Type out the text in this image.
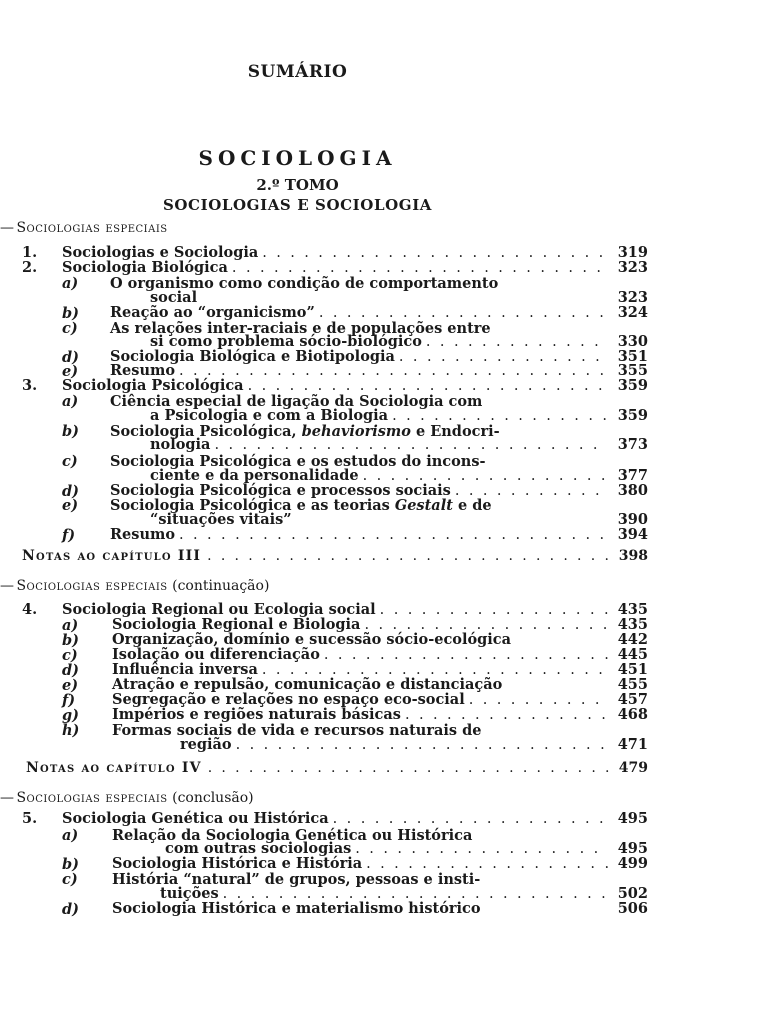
SUMÁRIO
SOCIOLOGIA
2.º TOMO
SOCIOLOGIAS E SOCIOLOGIA
— Sociologias especiais
1.	Sociologias e Sociologia . . .	319
2.	Sociologia Biológica . . .	323
a) O organismo como condição de comportamento
social	323
b) Reação ao “organicismo” . . .	324
c) As relações inter-raciais e de populações entre
si como problema sócio-biológico . . .	330
d) Sociologia Biológica e Biotipologia . . .	351
e) Resumo . . .	355
3.	Sociologia Psicológica . . .	359
a) Ciência especial de ligação da Sociologia com
a Psicologia e com a Biologia . . .	359
b) Sociologia Psicológica, behaviorismo e Endocri-
nologia . . .	373
c) Sociologia Psicológica e os estudos do incons-
ciente e da personalidade . . .	377
d) Sociologia Psicológica e processos sociais . . .	380
e) Sociologia Psicológica e as teorias Gestalt e de
“situações vitais”	390
f) Resumo . . .	394
Notas ao capítulo III . . .	398
— Sociologias especiais (continuação)
4.	Sociologia Regional ou Ecologia social . . .	435
a) Sociologia Regional e Biologia . . .	435
b) Organização, domínio e sucessão sócio-ecológica	442
c) Isolação ou diferenciação . . .	445
d) Influência inversa . . .	451
e) Atração e repulsão, comunicação e distanciação	455
f)	Segregação e relações no espaço eco-social . . .	457
g) Impérios e regiões naturais básicas . . .	468
h) Formas sociais de vida e recursos naturais de
região . . .	471
Notas ao capítulo IV . . .	479
— Sociologias especiais (conclusão)
5.	Sociologia Genética ou Histórica . . .	495
a) Relação da Sociologia Genética ou Histórica
com outras sociologias . . .	495
b) Sociologia Histórica e História . . .	499
c) História “natural” de grupos, pessoas e insti-
tuições . . .	502
d) Sociologia Histórica e materialismo histórico	506
